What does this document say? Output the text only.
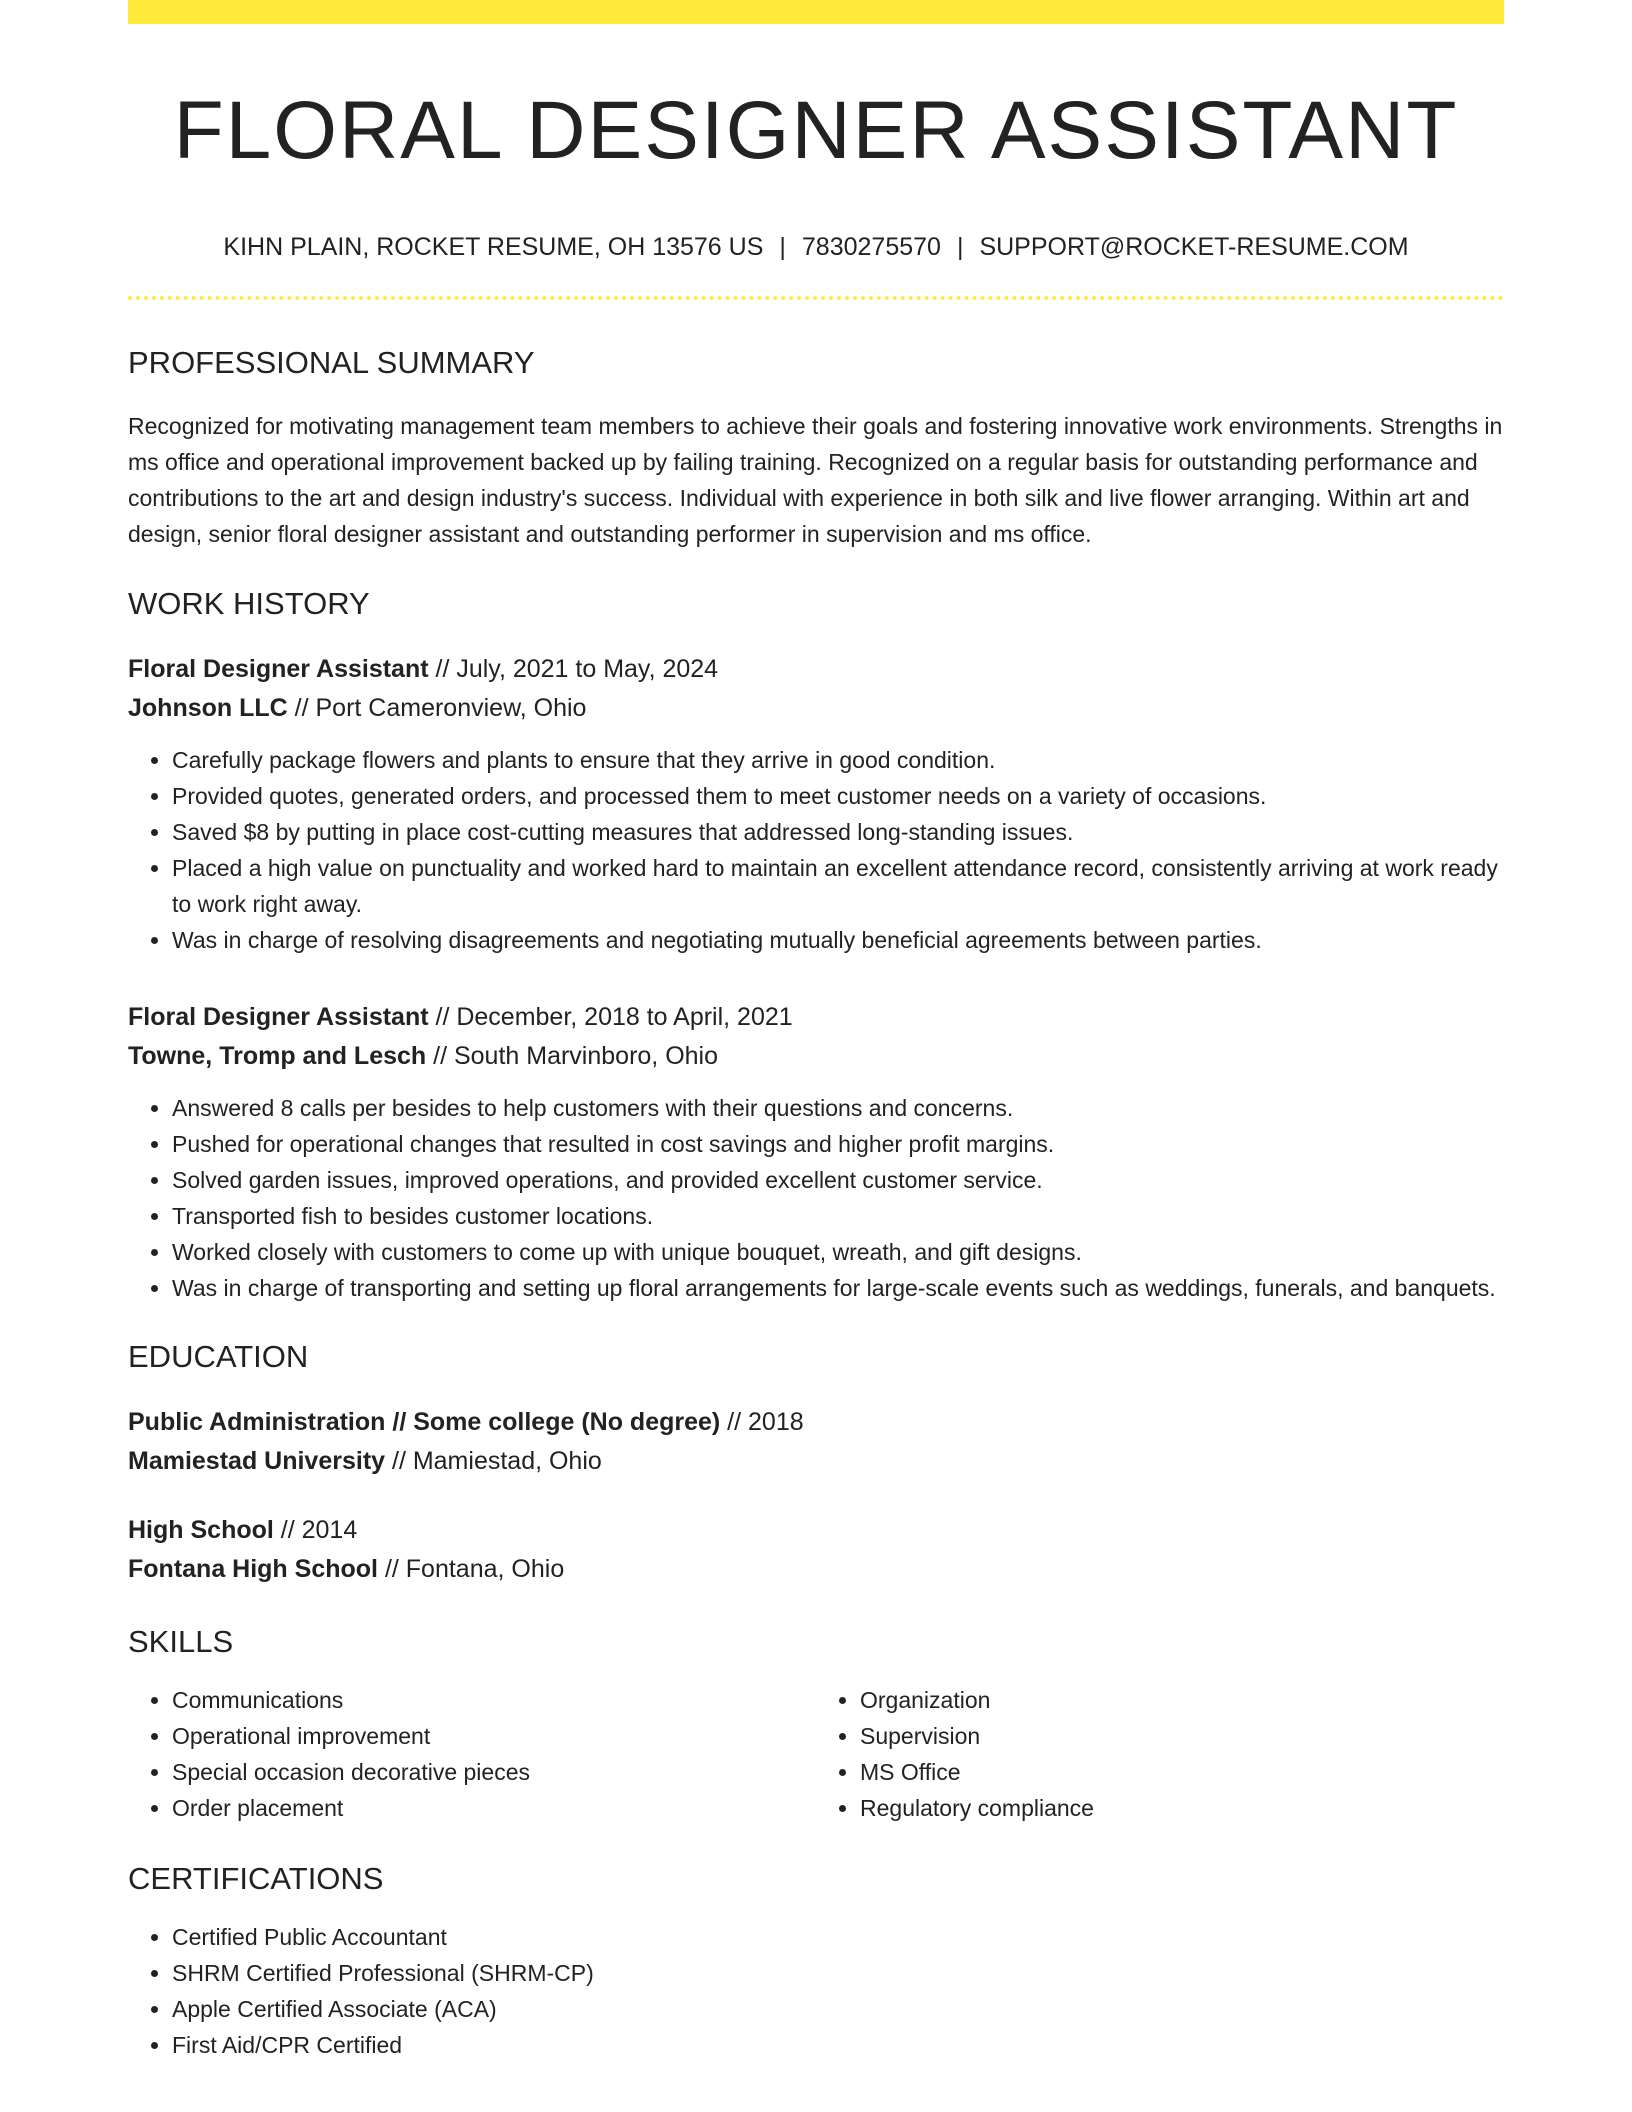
FLORAL DESIGNER ASSISTANT
KIHN PLAIN, ROCKET RESUME, OH 13576 US | 7830275570 | SUPPORT@ROCKET-RESUME.COM
PROFESSIONAL SUMMARY
Recognized for motivating management team members to achieve their goals and fostering innovative work environments. Strengths in ms office and operational improvement backed up by failing training. Recognized on a regular basis for outstanding performance and contributions to the art and design industry's success. Individual with experience in both silk and live flower arranging. Within art and design, senior floral designer assistant and outstanding performer in supervision and ms office.
WORK HISTORY
Floral Designer Assistant // July, 2021 to May, 2024
Johnson LLC // Port Cameronview, Ohio
• Carefully package flowers and plants to ensure that they arrive in good condition.
• Provided quotes, generated orders, and processed them to meet customer needs on a variety of occasions.
• Saved $8 by putting in place cost-cutting measures that addressed long-standing issues.
• Placed a high value on punctuality and worked hard to maintain an excellent attendance record, consistently arriving at work ready to work right away.
• Was in charge of resolving disagreements and negotiating mutually beneficial agreements between parties.
Floral Designer Assistant // December, 2018 to April, 2021
Towne, Tromp and Lesch // South Marvinboro, Ohio
• Answered 8 calls per besides to help customers with their questions and concerns.
• Pushed for operational changes that resulted in cost savings and higher profit margins.
• Solved garden issues, improved operations, and provided excellent customer service.
• Transported fish to besides customer locations.
• Worked closely with customers to come up with unique bouquet, wreath, and gift designs.
• Was in charge of transporting and setting up floral arrangements for large-scale events such as weddings, funerals, and banquets.
EDUCATION
Public Administration // Some college (No degree) // 2018
Mamiestad University // Mamiestad, Ohio
High School // 2014
Fontana High School // Fontana, Ohio
SKILLS
• Communications
• Operational improvement
• Special occasion decorative pieces
• Order placement
• Organization
• Supervision
• MS Office
• Regulatory compliance
CERTIFICATIONS
• Certified Public Accountant
• SHRM Certified Professional (SHRM-CP)
• Apple Certified Associate (ACA)
• First Aid/CPR Certified
